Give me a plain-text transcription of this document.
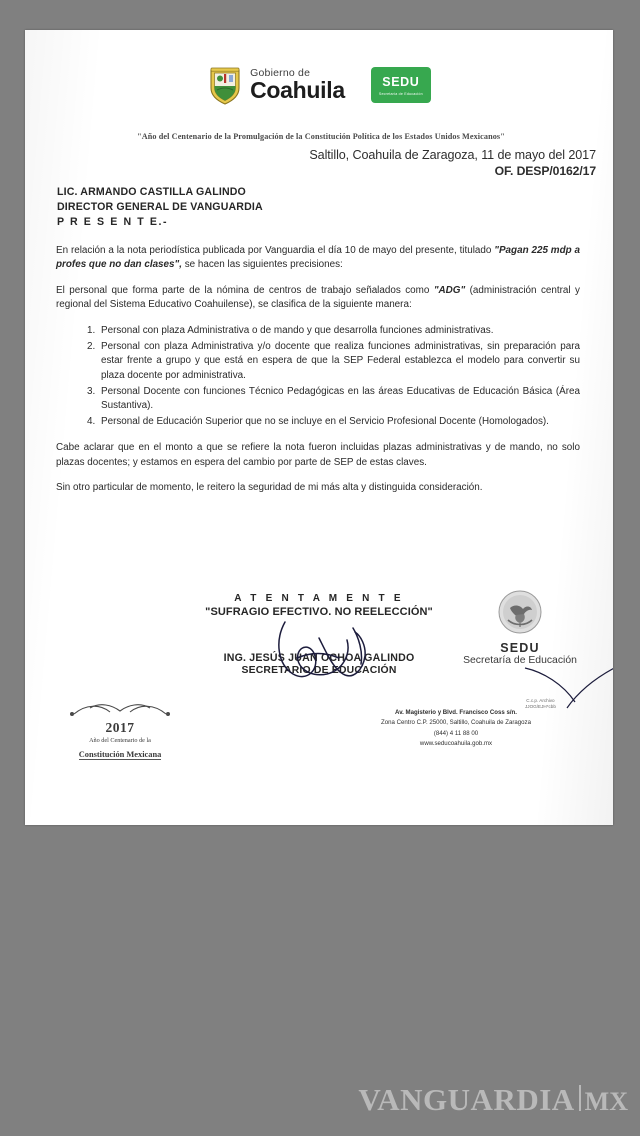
Gobierno de
Coahuila	SEDU
Secretaría de Educación
"Año del Centenario de la Promulgación de la Constitución Política de los Estados Unidos Mexicanos"
Saltillo, Coahuila de Zaragoza, 11 de mayo del 2017
OF. DESP/0162/17
LIC. ARMANDO CASTILLA GALINDO
DIRECTOR GENERAL DE VANGUARDIA
P R E S E N T E.-

En relación a la nota periodística publicada por Vanguardia el día 10 de mayo del presente, titulado "Pagan 225 mdp a profes que no dan clases", se hacen las siguientes precisiones:

El personal que forma parte de la nómina de centros de trabajo señalados como "ADG" (administración central y regional del Sistema Educativo Coahuilense), se clasifica de la siguiente manera:

1. Personal con plaza Administrativa o de mando y que desarrolla funciones administrativas.
2. Personal con plaza Administrativa y/o docente que realiza funciones administrativas, sin preparación para estar frente a grupo y que está en espera de que la SEP Federal establezca el modelo para convertir su plaza docente por administrativa.
3. Personal Docente con funciones Técnico Pedagógicas en las áreas Educativas de Educación Básica (Área Sustantiva).
4. Personal de Educación Superior que no se incluye en el Servicio Profesional Docente (Homologados).

Cabe aclarar que en el monto a que se refiere la nota fueron incluidas plazas administrativas y de mando, no solo plazas docentes; y estamos en espera del cambio por parte de SEP de estas claves.

Sin otro particular de momento, le reitero la seguridad de mi más alta y distinguida consideración.

A T E N T A M E N T E
"SUFRAGIO EFECTIVO. NO REELECCIÓN"
ING. JESÚS JUAN OCHOA GALINDO
SECRETARIO DE EDUCACIÓN
SEDU
Secretaría de Educación
C.c.p. Archivo
JJOG/EJH*cbb
2017
Año del Centenario de la
Constitución Mexicana
Av. Magisterio y Blvd. Francisco Coss s/n.
Zona Centro C.P. 25000, Saltillo, Coahuila de Zaragoza
(844) 4 11 88 00
www.seducoahuila.gob.mx
VANGUARDIA MX
